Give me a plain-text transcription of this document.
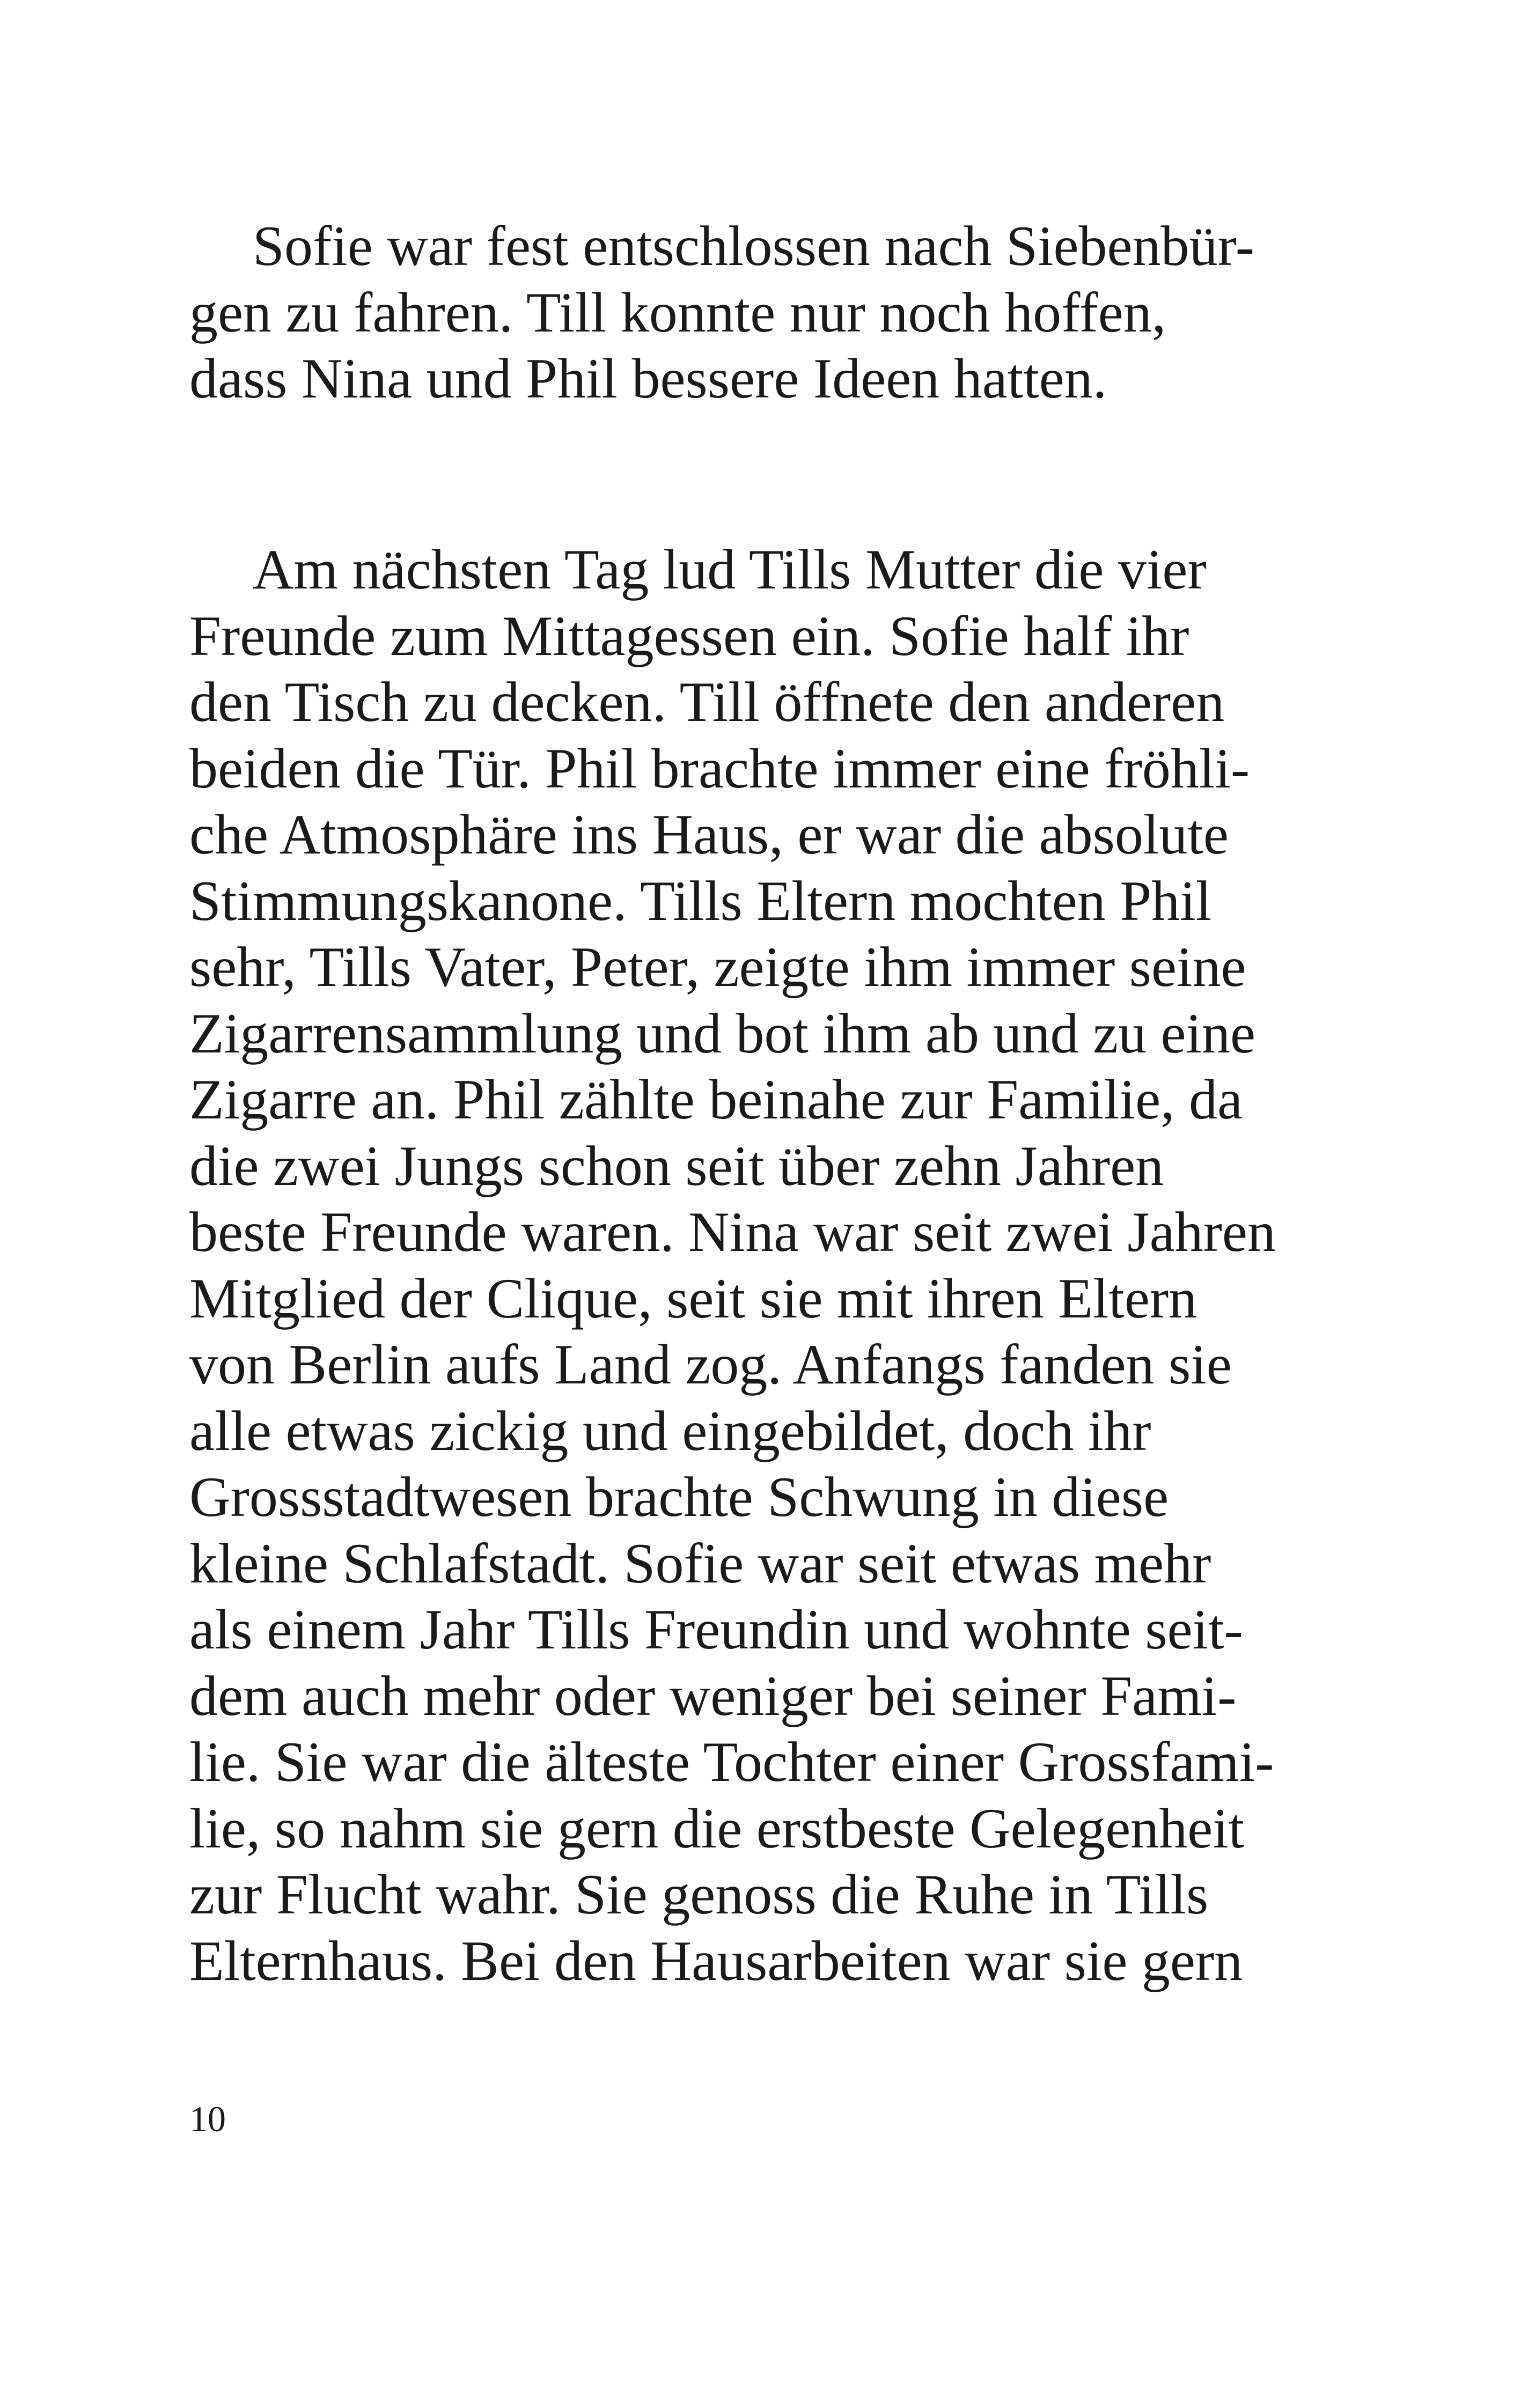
Sofie war fest entschlossen nach Siebenbür-
gen zu fahren. Till konnte nur noch hoffen,
dass Nina und Phil bessere Ideen hatten.
Am nächsten Tag lud Tills Mutter die vier
Freunde zum Mittagessen ein. Sofie half ihr
den Tisch zu decken. Till öffnete den anderen
beiden die Tür. Phil brachte immer eine fröhli-
che Atmosphäre ins Haus, er war die absolute
Stimmungskanone. Tills Eltern mochten Phil
sehr, Tills Vater, Peter, zeigte ihm immer seine
Zigarrensammlung und bot ihm ab und zu eine
Zigarre an. Phil zählte beinahe zur Familie, da
die zwei Jungs schon seit über zehn Jahren
beste Freunde waren. Nina war seit zwei Jahren
Mitglied der Clique, seit sie mit ihren Eltern
von Berlin aufs Land zog. Anfangs fanden sie
alle etwas zickig und eingebildet, doch ihr
Grossstadtwesen brachte Schwung in diese
kleine Schlafstadt. Sofie war seit etwas mehr
als einem Jahr Tills Freundin und wohnte seit-
dem auch mehr oder weniger bei seiner Fami-
lie. Sie war die älteste Tochter einer Grossfami-
lie, so nahm sie gern die erstbeste Gelegenheit
zur Flucht wahr. Sie genoss die Ruhe in Tills
Elternhaus. Bei den Hausarbeiten war sie gern
10
